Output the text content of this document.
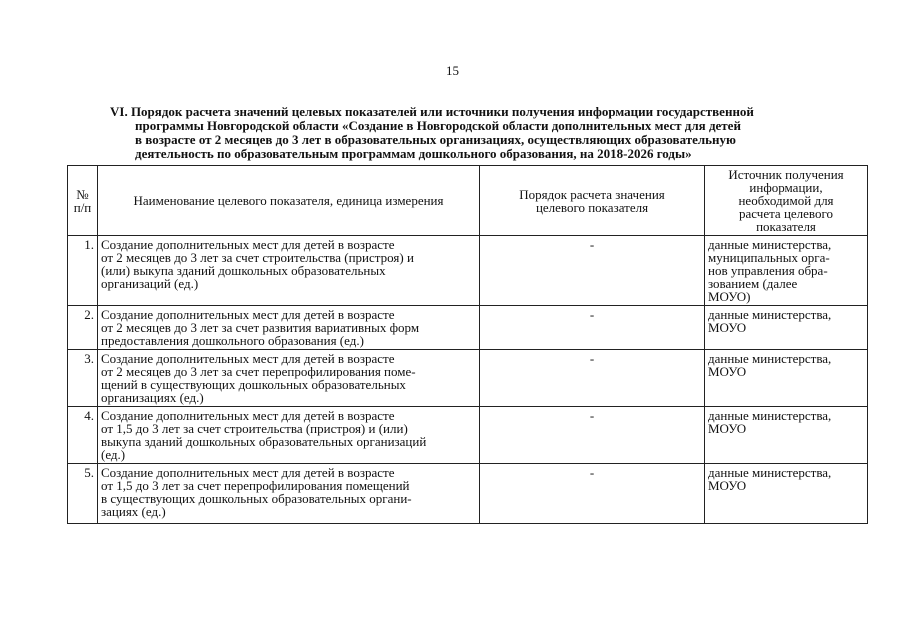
15
VI. Порядок расчета значений целевых показателей или источники получения информации государственной
программы Новгородской области «Создание в Новгородской области дополнительных мест для детей
в возрасте от 2 месяцев до 3 лет в образовательных организациях, осуществляющих образовательную
деятельность по образовательным программам дошкольного образования, на 2018-2026 годы»
№
п/п	Наименование целевого показателя, единица измерения	Порядок расчета значения
целевого показателя	Источник получения
информации,
необходимой для
расчета целевого
показателя

1.	Создание дополнительных мест для детей в возрасте
от 2 месяцев до 3 лет за счет строительства (пристроя) и
(или) выкупа зданий дошкольных образовательных
организаций (ед.)	-	данные министерства,
муниципальных орга-
нов управления обра-
зованием (далее
МОУО)

2.	Создание дополнительных мест для детей в возрасте
от 2 месяцев до 3 лет за счет развития вариативных форм
предоставления дошкольного образования (ед.)	-	данные министерства,
МОУО

3.	Создание дополнительных мест для детей в возрасте
от 2 месяцев до 3 лет за счет перепрофилирования поме-
щений в существующих дошкольных образовательных
организациях (ед.)	-	данные министерства,
МОУО

4.	Создание дополнительных мест для детей в возрасте
от 1,5 до 3 лет за счет строительства (пристроя) и (или)
выкупа зданий дошкольных образовательных организаций
(ед.)	-	данные министерства,
МОУО

5.	Создание дополнительных мест для детей в возрасте
от 1,5 до 3 лет за счет перепрофилирования помещений
в существующих дошкольных образовательных органи-
зациях (ед.)	-	данные министерства,
МОУО
